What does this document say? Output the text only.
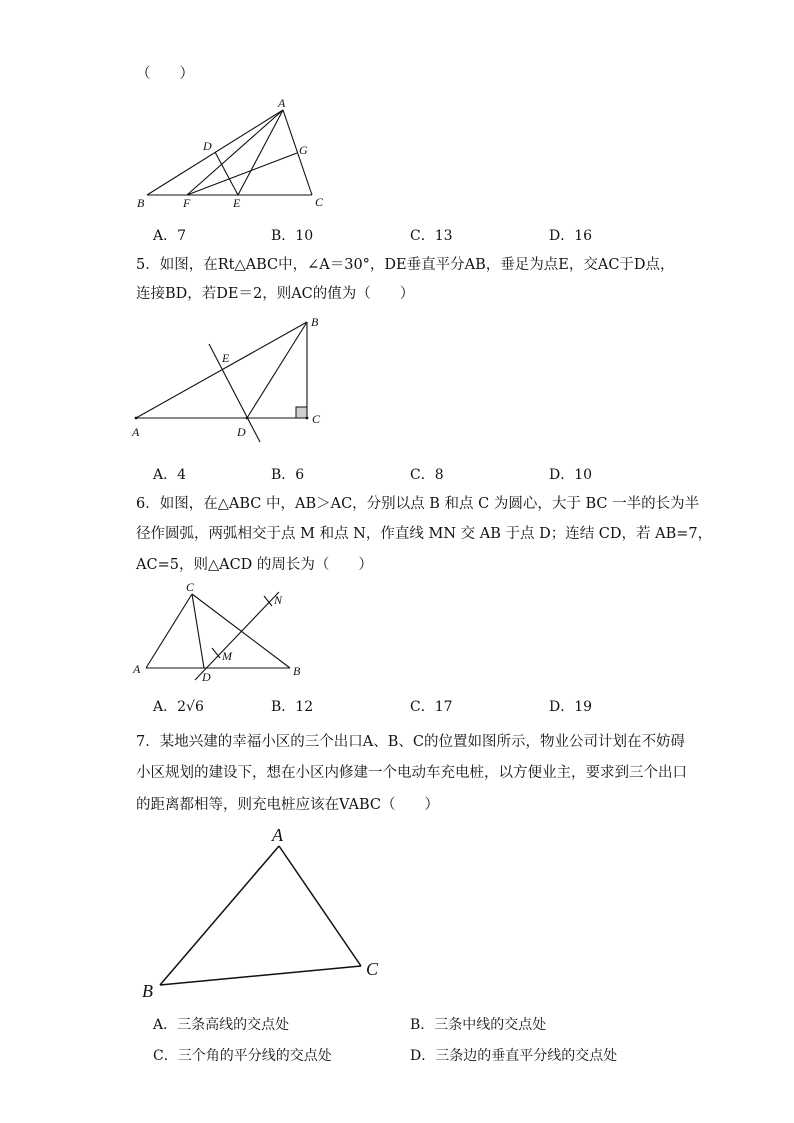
（　　）
A
D	G
B	F	E	C
B
E
C
A	D
C
N
M
A
D	B
A
B
C
A．7	B．10	C．13	D．16
5．如图，在Rt△ABC中，∠A＝30°，DE垂直平分AB，垂足为点E，交AC于D点，
连接BD，若DE＝2，则AC的值为（　　）
A．4	B．6	C．8	D．10
6．如图，在△ABC 中，AB＞AC，分别以点 B 和点 C 为圆心，大于 BC 一半的长为半
径作圆弧，两弧相交于点 M 和点 N，作直线 MN 交 AB 于点 D；连结 CD，若 AB=7，
AC=5，则△ACD 的周长为（　　）
A．2√6	B．12	C．17	D．19
7．某地兴建的幸福小区的三个出口A、B、C的位置如图所示，物业公司计划在不妨碍
小区规划的建设下，想在小区内修建一个电动车充电桩，以方便业主，要求到三个出口
的距离都相等，则充电桩应该在VABC（　　）
A．三条高线的交点处	B．三条中线的交点处
C．三个角的平分线的交点处	D．三条边的垂直平分线的交点处
